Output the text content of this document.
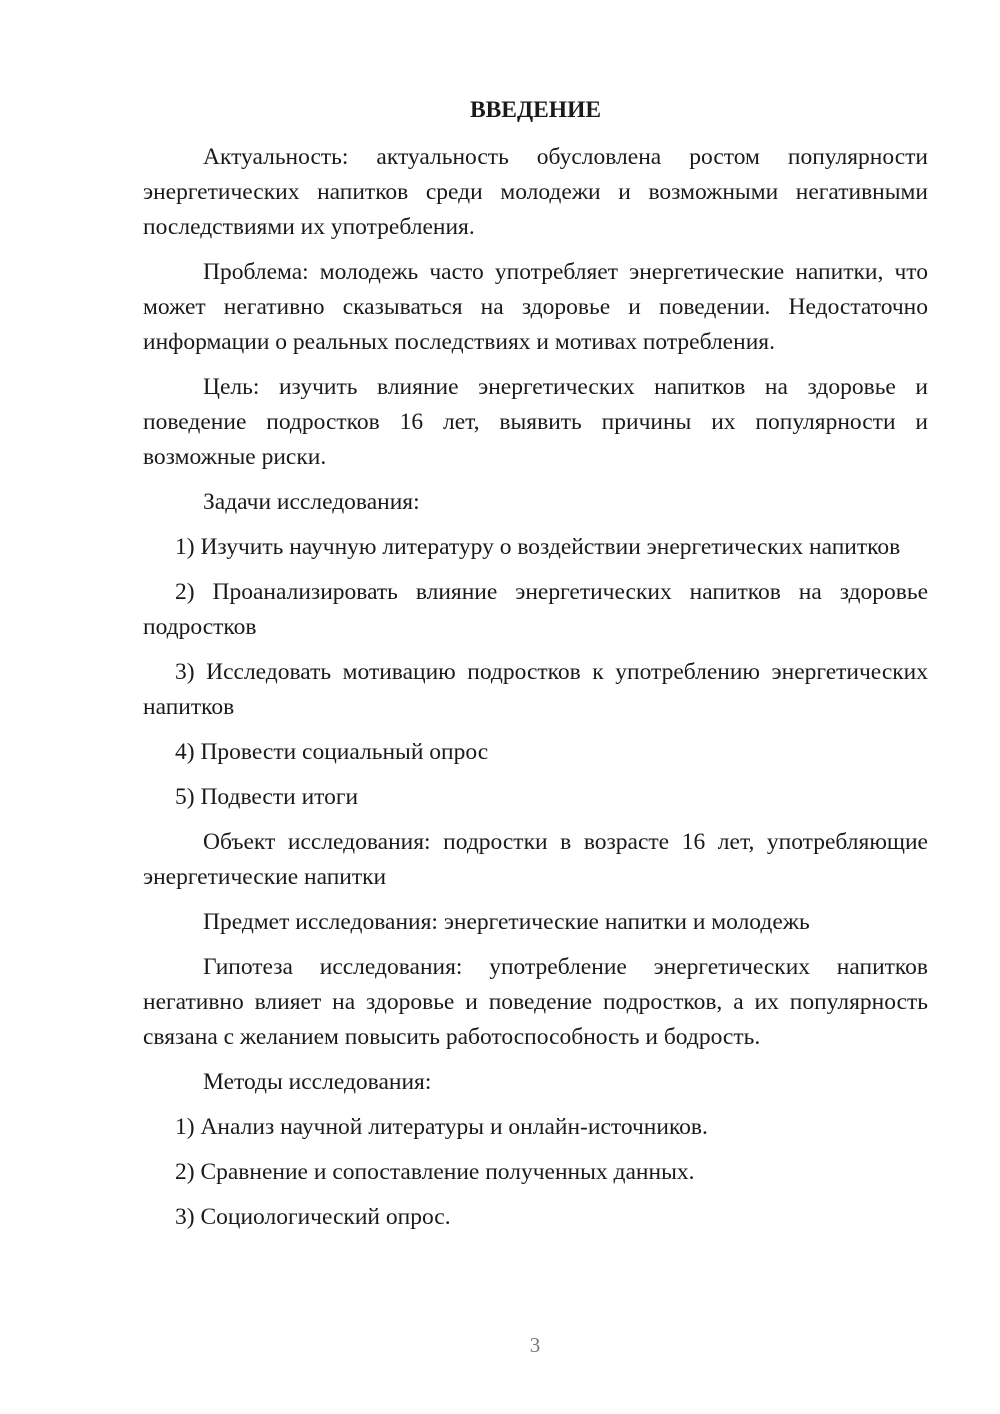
ВВЕДЕНИЕ

Актуальность: актуальность обусловлена ростом популярности энергетических напитков среди молодежи и возможными негативными последствиями их употребления.

Проблема: молодежь часто употребляет энергетические напитки, что может негативно сказываться на здоровье и поведении. Недостаточно информации о реальных последствиях и мотивах потребления.

Цель: изучить влияние энергетических напитков на здоровье и поведение подростков 16 лет, выявить причины их популярности и возможные риски.

Задачи исследования:

1) Изучить научную литературу о воздействии энергетических напитков

2) Проанализировать влияние энергетических напитков на здоровье подростков

3) Исследовать мотивацию подростков к употреблению энергетических напитков

4) Провести социальный опрос

5) Подвести итоги

Объект исследования: подростки в возрасте 16 лет, употребляющие энергетические напитки

Предмет исследования: энергетические напитки и молодежь

Гипотеза исследования: употребление энергетических напитков негативно влияет на здоровье и поведение подростков, а их популярность связана с желанием повысить работоспособность и бодрость.

Методы исследования:

1) Анализ научной литературы и онлайн-источников.

2) Сравнение и сопоставление полученных данных.

3) Социологический опрос.

3
